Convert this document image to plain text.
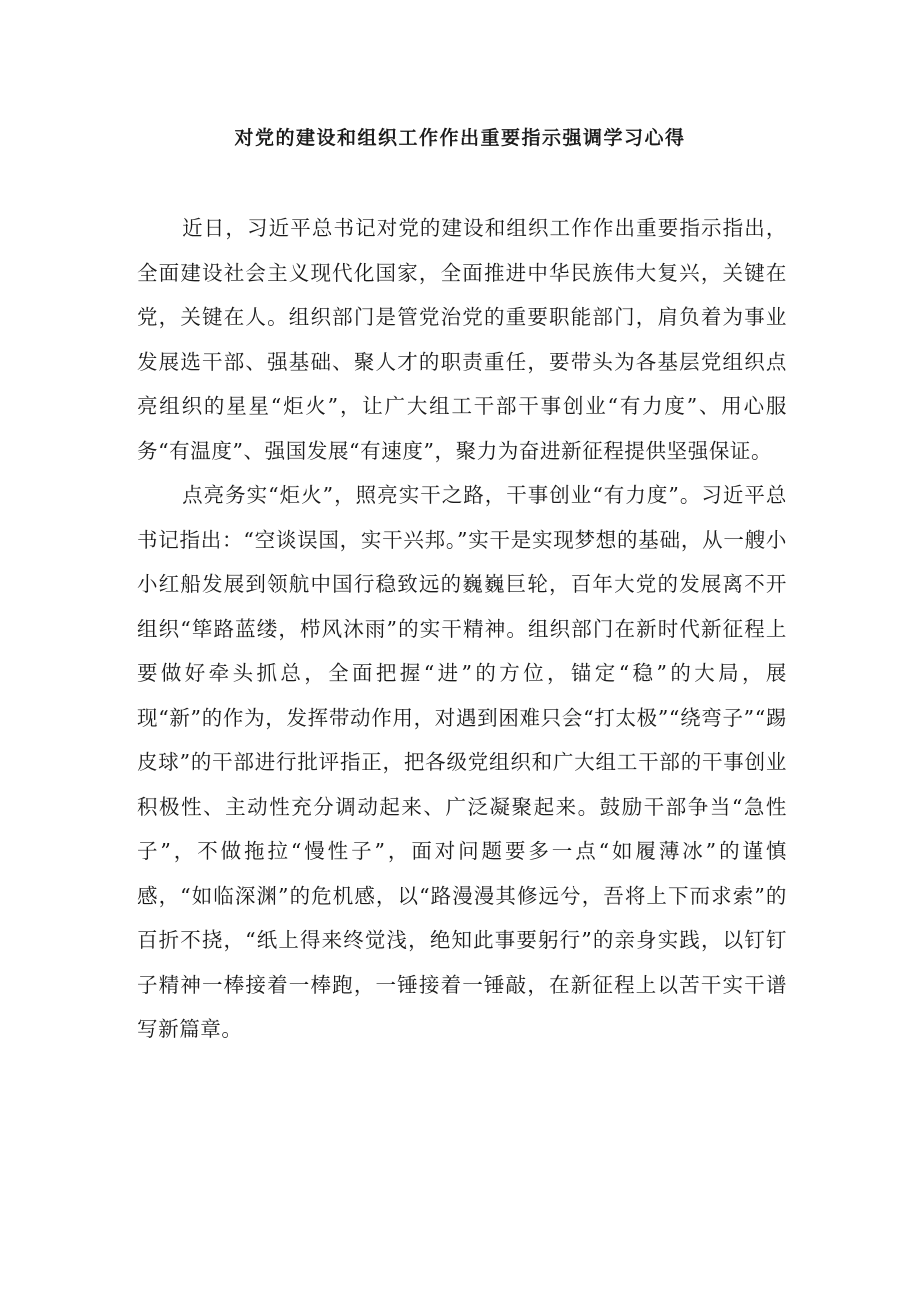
对党的建设和组织工作作出重要指示强调学习心得

近日，习近平总书记对党的建设和组织工作作出重要指示指出，全面建设社会主义现代化国家，全面推进中华民族伟大复兴，关键在党，关键在人。组织部门是管党治党的重要职能部门，肩负着为事业发展选干部、强基础、聚人才的职责重任，要带头为各基层党组织点亮组织的星星“炬火”，让广大组工干部干事创业“有力度”、用心服务“有温度”、强国发展“有速度”，聚力为奋进新征程提供坚强保证。

点亮务实“炬火”，照亮实干之路，干事创业“有力度”。习近平总书记指出：“空谈误国，实干兴邦。”实干是实现梦想的基础，从一艘小小红船发展到领航中国行稳致远的巍巍巨轮，百年大党的发展离不开组织“筚路蓝缕，栉风沐雨”的实干精神。组织部门在新时代新征程上要做好牵头抓总，全面把握“进”的方位，锚定“稳”的大局，展现“新”的作为，发挥带动作用，对遇到困难只会“打太极”“绕弯子”“踢皮球”的干部进行批评指正，把各级党组织和广大组工干部的干事创业积极性、主动性充分调动起来、广泛凝聚起来。鼓励干部争当“急性子”，不做拖拉“慢性子”，面对问题要多一点“如履薄冰”的谨慎感，“如临深渊”的危机感，以“路漫漫其修远兮，吾将上下而求索”的百折不挠，“纸上得来终觉浅，绝知此事要躬行”的亲身实践，以钉钉子精神一棒接着一棒跑，一锤接着一锤敲，在新征程上以苦干实干谱写新篇章。
